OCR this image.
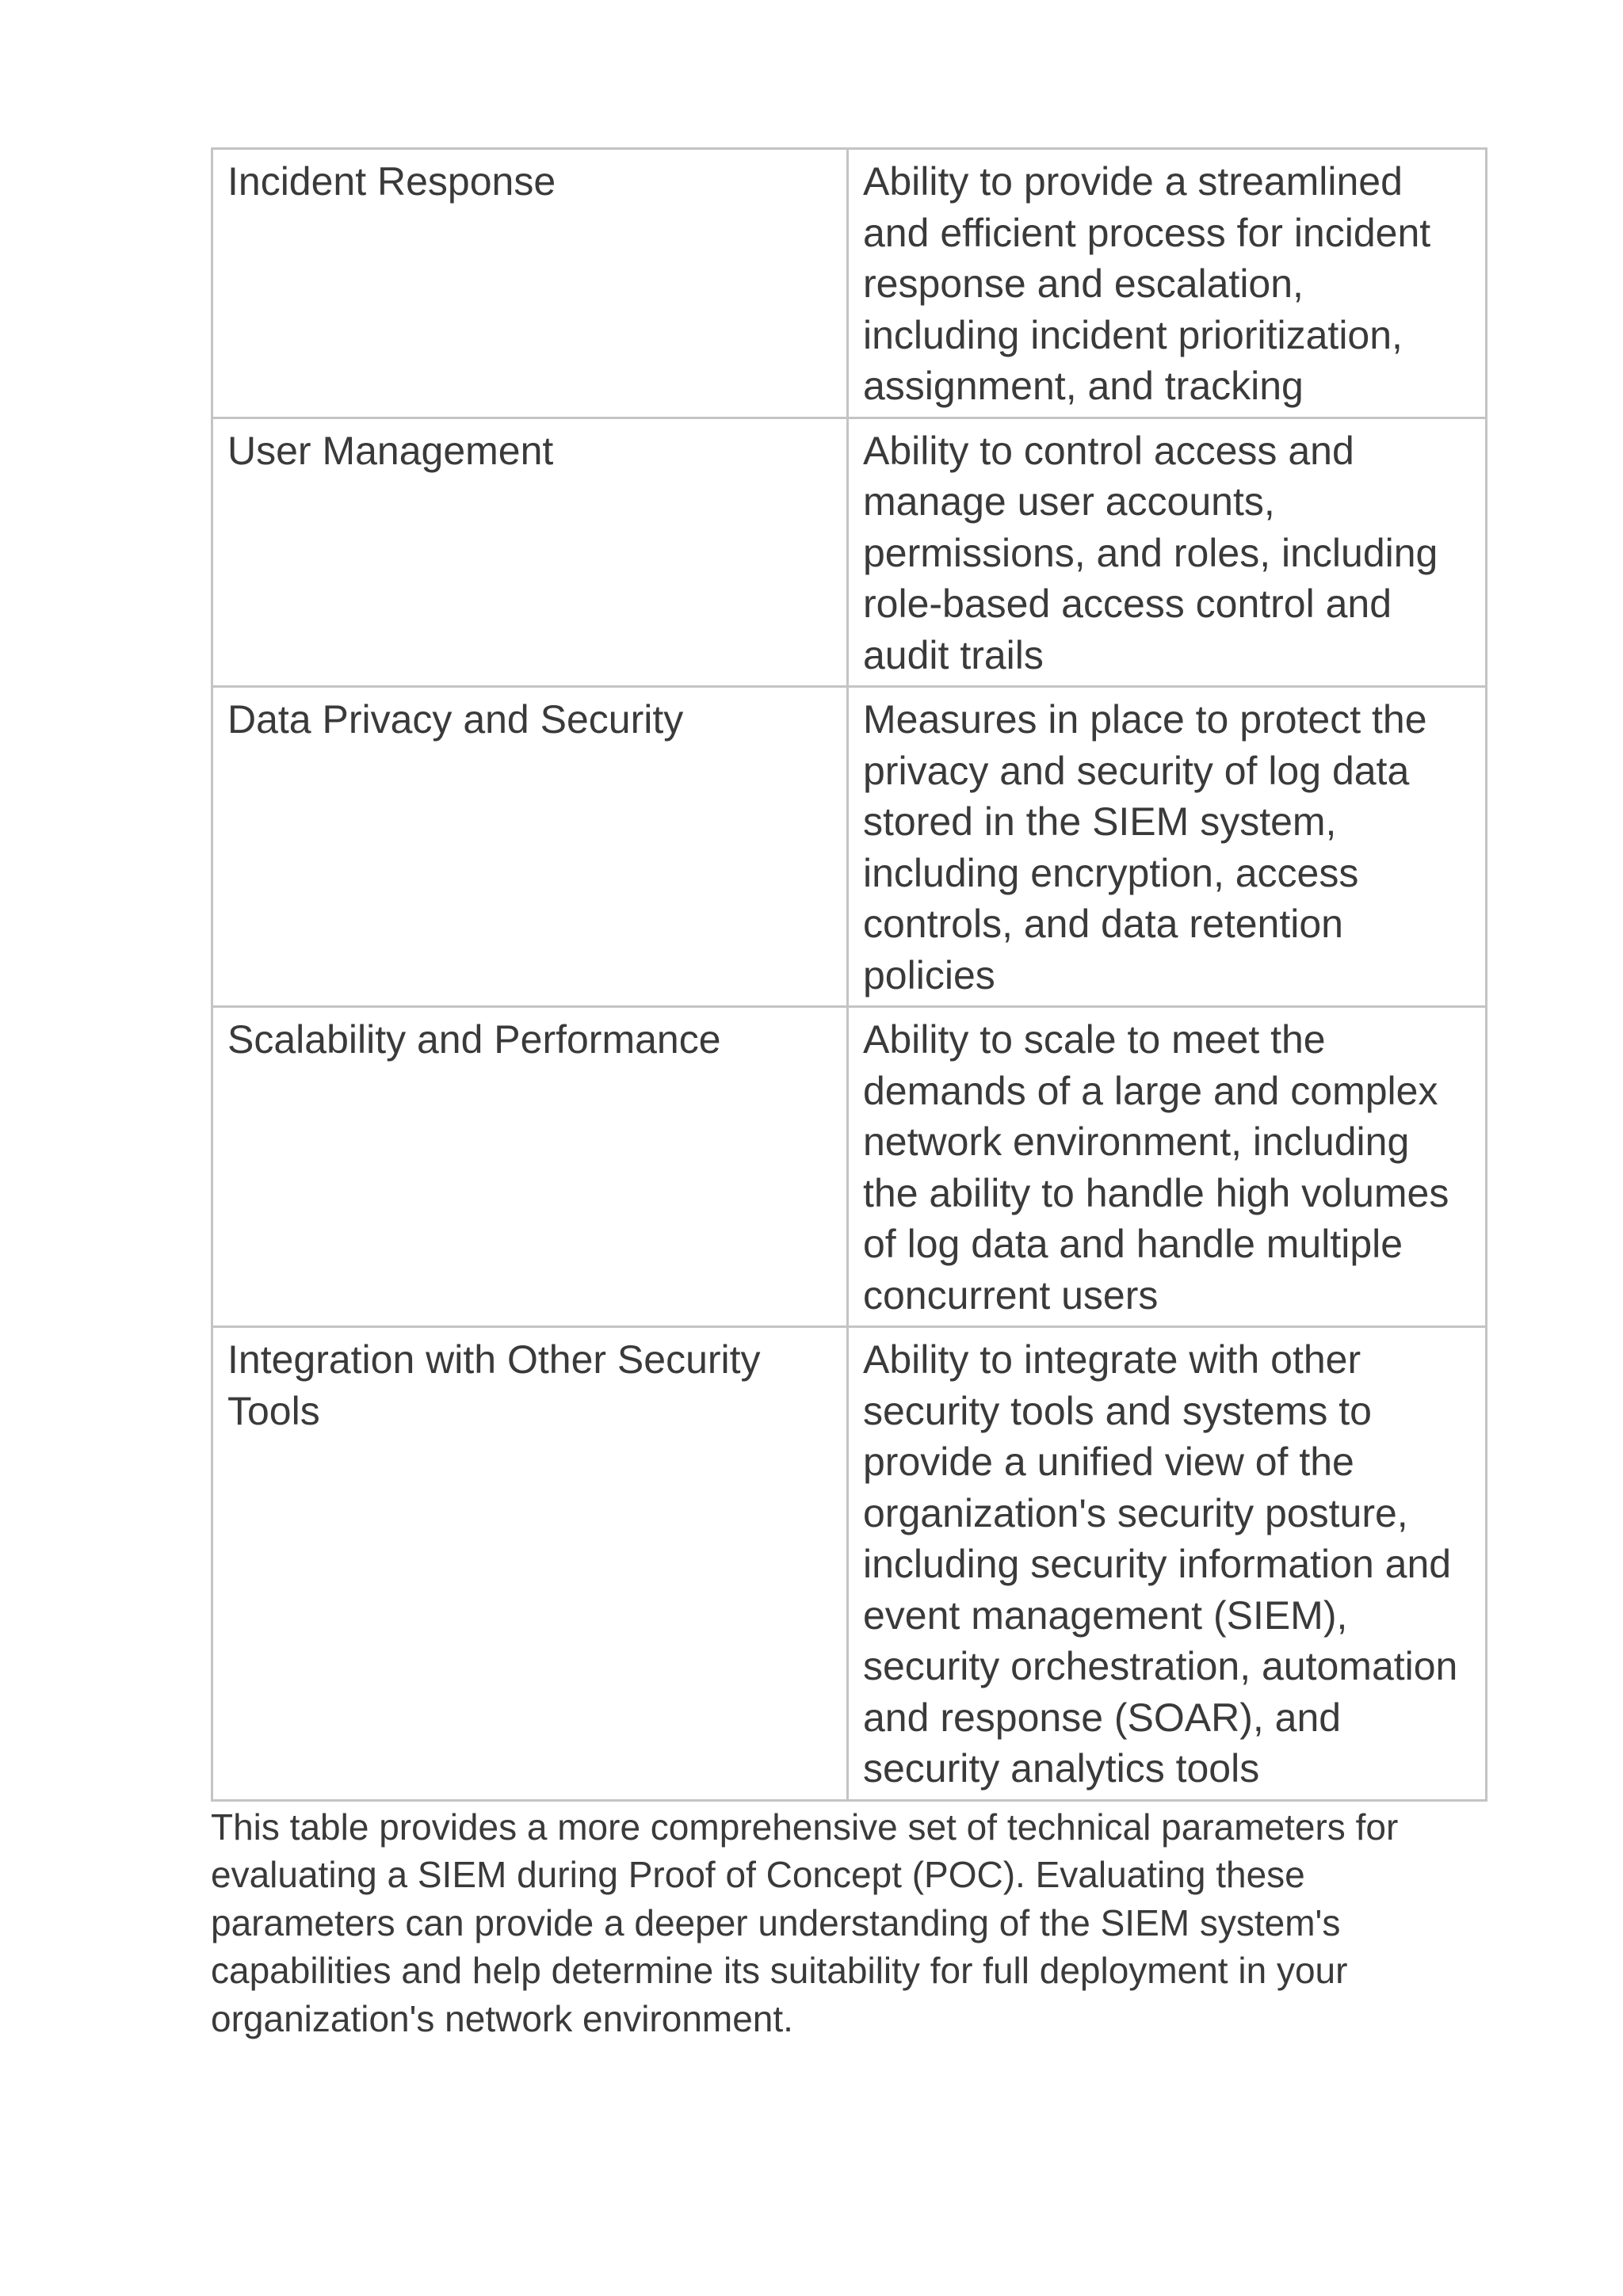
Incident Response	Ability to provide a streamlined and efficient process for incident response and escalation, including incident prioritization, assignment, and tracking
User Management	Ability to control access and manage user accounts, permissions, and roles, including role-based access control and audit trails
Data Privacy and Security	Measures in place to protect the privacy and security of log data stored in the SIEM system, including encryption, access controls, and data retention policies
Scalability and Performance	Ability to scale to meet the demands of a large and complex network environment, including the ability to handle high volumes of log data and handle multiple concurrent users
Integration with Other Security Tools	Ability to integrate with other security tools and systems to provide a unified view of the organization's security posture, including security information and event management (SIEM), security orchestration, automation and response (SOAR), and security analytics tools

This table provides a more comprehensive set of technical parameters for evaluating a SIEM during Proof of Concept (POC). Evaluating these parameters can provide a deeper understanding of the SIEM system's capabilities and help determine its suitability for full deployment in your organization's network environment.
